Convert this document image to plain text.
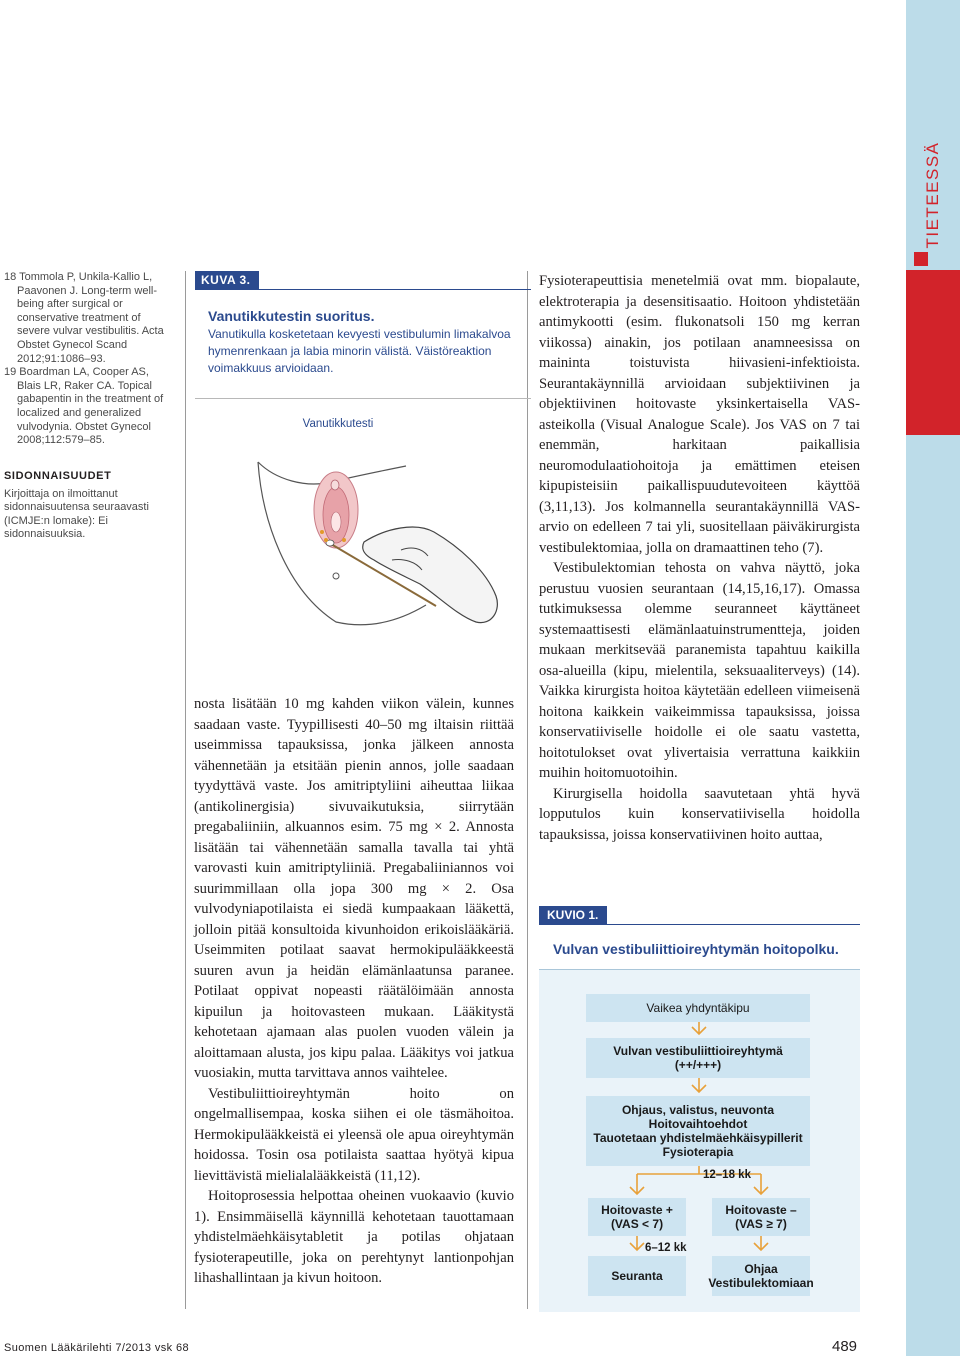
TIETEESSÄ

18 Tommola P, Unkila-Kallio L, Paavonen J. Long-term well-being after surgical or conservative treatment of severe vulvar vestibulitis. Acta Obstet Gynecol Scand 2012;91:1086–93.

19 Boardman LA, Cooper AS, Blais LR, Raker CA. Topical gabapentin in the treatment of localized and generalized vulvodynia. Obstet Gynecol 2008;112:579–85.

SIDONNAISUUDET
Kirjoittaja on ilmoittanut sidonnaisuutensa seuraavasti (ICMJE:n lomake): Ei sidonnaisuuksia.
KUVA 3.
Vanutikkutestin suoritus.
Vanutikulla kosketetaan kevyesti vestibulumin limakalvoa hymenrenkaan ja labia minorin välistä. Väistöreaktion voimakkuus arvioidaan.
Vanutikkutesti

nosta lisätään 10 mg kahden viikon välein, kunnes saadaan vaste. Tyypillisesti 40–50 mg iltaisin riittää useimmissa tapauksissa, jonka jälkeen annosta vähennetään ja etsitään pienin annos, jolle saadaan tyydyttävä vaste. Jos amitriptyliini aiheuttaa liikaa (antikolinergisia) sivuvaikutuksia, siirrytään pregabaliiniin, alkuannos esim. 75 mg × 2. Annosta lisätään tai vähennetään samalla tavalla tai yhtä varovasti kuin amitriptyliiniä. Pregabaliiniannos voi suurimmillaan olla jopa 300 mg × 2. Osa vulvodyniapotilaista ei siedä kumpaakaan lääkettä, jolloin pitää konsultoida kivunhoidon erikoislääkäriä. Useimmiten potilaat saavat hermokipulääkkeestä suuren avun ja heidän elämänlaatunsa paranee. Potilaat oppivat nopeasti räätälöimään annosta kipuilun ja hoitovasteen mukaan. Lääkitystä kehotetaan ajamaan alas puolen vuoden välein ja aloittamaan alusta, jos kipu palaa. Lääkitys voi jatkua vuosiakin, mutta tarvittava annos vaihtelee.

Vestibuliittioireyhtymän hoito on ongelmallisempaa, koska siihen ei ole täsmähoitoa. Hermokipulääkkeistä ei yleensä ole apua oireyhtymän hoidossa. Tosin osa potilaista saattaa hyötyä kipua lievittävistä mielialalääkkeistä (11,12).

Hoitoprosessia helpottaa oheinen vuokaavio (kuvio 1). Ensimmäisellä käynnillä kehotetaan tauottamaan yhdistelmäehkäisytabletit ja potilas ohjataan fysioterapeutille, joka on perehtynyt lantionpohjan lihashallintaan ja kivun hoitoon.

Fysioterapeuttisia menetelmiä ovat mm. biopalaute, elektroterapia ja desensitisaatio. Hoitoon yhdistetään antimykootti (esim. flukonatsoli 150 mg kerran viikossa) ainakin, jos potilaan anamneesissa on maininta toistuvista hiivasieni-infektioista. Seurantakäynnillä arvioidaan subjektiivinen ja objektiivinen hoitovaste yksinkertaisella VAS-asteikolla (Visual Analogue Scale). Jos VAS on 7 tai enemmän, harkitaan paikallisia neuromodulaatiohoitoja ja emättimen eteisen kipupisteisiin paikallispuudutevoiteen käyttöä (3,11,13). Jos kolmannella seurantakäynnillä VAS-arvio on edelleen 7 tai yli, suositellaan päiväkirurgista vestibulektomiaa, jolla on dramaattinen teho (7).

Vestibulektomian tehosta on vahva näyttö, joka perustuu vuosien seurantaan (14,15,16,17). Omassa tutkimuksessa olemme seuranneet käyttäneet systemaattisesti elämänlaatuinstrumentteja, joiden mukaan merkitsevää paranemista tapahtuu kaikilla osa-alueilla (kipu, mielentila, seksuaaliterveys) (14). Vaikka kirurgista hoitoa käytetään edelleen viimeisenä hoitona kaikkein vaikeimmissa tapauksissa, joissa konservatiiviselle hoidolle ei ole saatu vastetta, hoitotulokset ovat ylivertaisia verrattuna kaikkiin muihin hoitomuotoihin.

Kirurgisella hoidolla saavutetaan yhtä hyvä lopputulos kuin konservatiivisella hoidolla tapauksissa, joissa konservatiivinen hoito auttaa,

KUVIO 1.
Vulvan vestibuliittioireyhtymän hoitopolku.
Vaikea yhdyntäkipu
Vulvan vestibuliittioireyhtymä
(++/+++)
Ohjaus, valistus, neuvonta
Hoitovaihtoehdot
Tauotetaan yhdistelmäehkäisypillerit
Fysioterapia
12–18 kk
Hoitovaste +
(VAS < 7)
Hoitovaste –
(VAS ≥ 7)
6–12 kk
Seuranta	Ohjaa
Vestibulektomiaan
Suomen Lääkärilehti 7/2013 vsk 68	489
